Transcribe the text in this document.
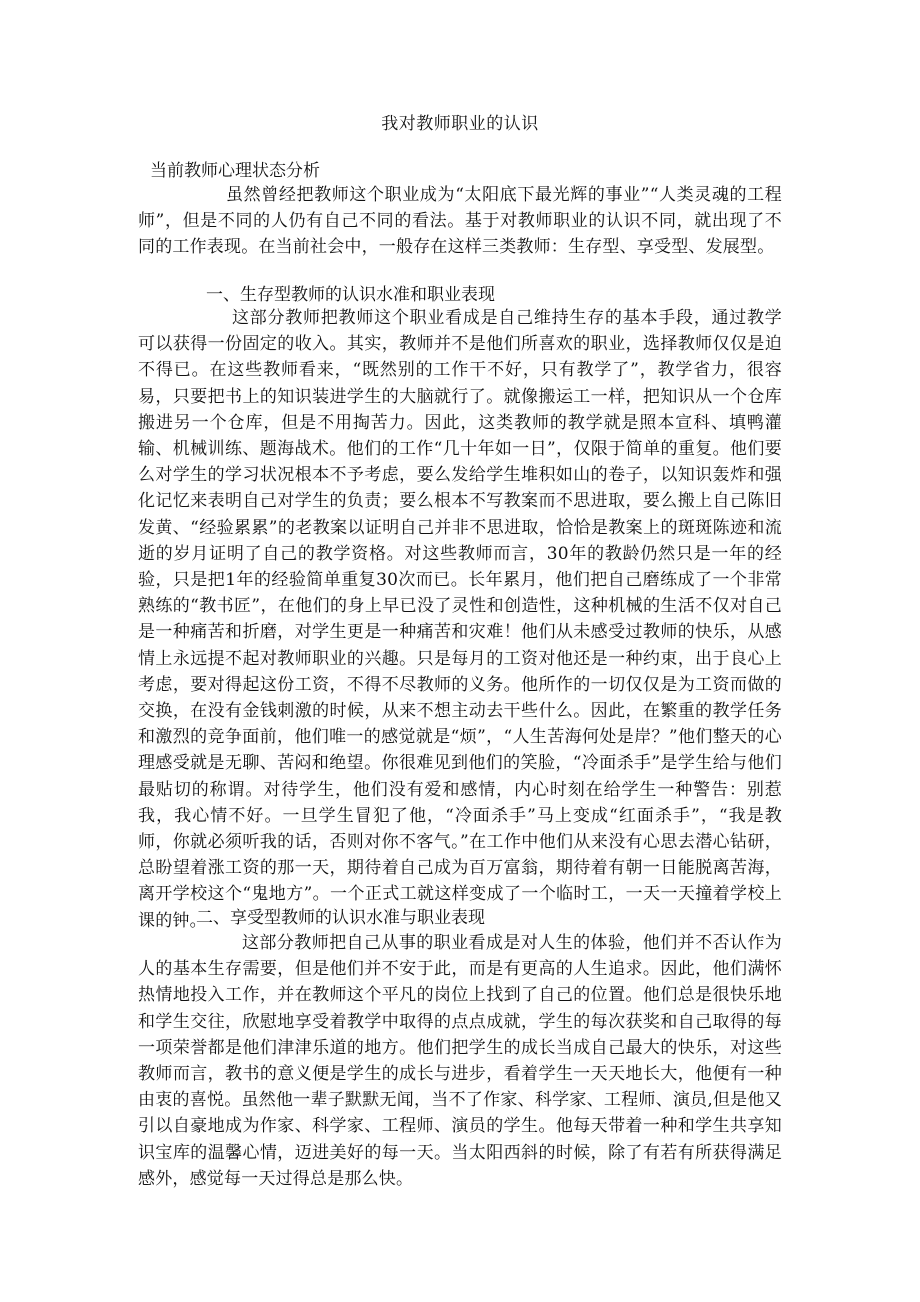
我对教师职业的认识
当前教师心理状态分析
虽然曾经把教师这个职业成为“太阳底下最光辉的事业”“人类灵魂的工程师”，但是不同的人仍有自己不同的看法。基于对教师职业的认识不同，就出现了不同的工作表现。在当前社会中，一般存在这样三类教师：生存型、享受型、发展型。
一、生存型教师的认识水准和职业表现
这部分教师把教师这个职业看成是自己维持生存的基本手段，通过教学可以获得一份固定的收入。其实，教师并不是他们所喜欢的职业，选择教师仅仅是迫不得已。在这些教师看来，“既然别的工作干不好，只有教学了”，教学省力，很容易，只要把书上的知识装进学生的大脑就行了。就像搬运工一样，把知识从一个仓库搬进另一个仓库，但是不用掏苦力。因此，这类教师的教学就是照本宣科、填鸭灌输、机械训练、题海战术。他们的工作“几十年如一日”，仅限于简单的重复。他们要么对学生的学习状况根本不予考虑，要么发给学生堆积如山的卷子，以知识轰炸和强化记忆来表明自己对学生的负责；要么根本不写教案而不思进取，要么搬上自己陈旧发黄、“经验累累”的老教案以证明自己并非不思进取，恰恰是教案上的斑斑陈迹和流逝的岁月证明了自己的教学资格。对这些教师而言，30年的教龄仍然只是一年的经验，只是把1年的经验简单重复30次而已。长年累月，他们把自己磨练成了一个非常熟练的“教书匠”，在他们的身上早已没了灵性和创造性，这种机械的生活不仅对自己是一种痛苦和折磨，对学生更是一种痛苦和灾难！他们从未感受过教师的快乐，从感情上永远提不起对教师职业的兴趣。只是每月的工资对他还是一种约束，出于良心上考虑，要对得起这份工资，不得不尽教师的义务。他所作的一切仅仅是为工资而做的交换，在没有金钱刺激的时候，从来不想主动去干些什么。因此，在繁重的教学任务和激烈的竞争面前，他们唯一的感觉就是“烦”，“人生苦海何处是岸？”他们整天的心理感受就是无聊、苦闷和绝望。你很难见到他们的笑脸，“冷面杀手”是学生给与他们最贴切的称谓。对待学生，他们没有爱和感情，内心时刻在给学生一种警告：别惹我，我心情不好。一旦学生冒犯了他，“冷面杀手”马上变成“红面杀手”，“我是教师，你就必须听我的话，否则对你不客气。”在工作中他们从来没有心思去潜心钻研，总盼望着涨工资的那一天，期待着自己成为百万富翁，期待着有朝一日能脱离苦海，离开学校这个“鬼地方”。一个正式工就这样变成了一个临时工，一天一天撞着学校上课的钟。
二、享受型教师的认识水准与职业表现
这部分教师把自己从事的职业看成是对人生的体验，他们并不否认作为人的基本生存需要，但是他们并不安于此，而是有更高的人生追求。因此，他们满怀热情地投入工作，并在教师这个平凡的岗位上找到了自己的位置。他们总是很快乐地和学生交往，欣慰地享受着教学中取得的点点成就，学生的每次获奖和自己取得的每一项荣誉都是他们津津乐道的地方。他们把学生的成长当成自己最大的快乐，对这些教师而言，教书的意义便是学生的成长与进步，看着学生一天天地长大，他便有一种由衷的喜悦。虽然他一辈子默默无闻，当不了作家、科学家、工程师、演员,但是他又引以自豪地成为作家、科学家、工程师、演员的学生。他每天带着一种和学生共享知识宝库的温馨心情，迈进美好的每一天。当太阳西斜的时候，除了有若有所获得满足感外，感觉每一天过得总是那么快。
